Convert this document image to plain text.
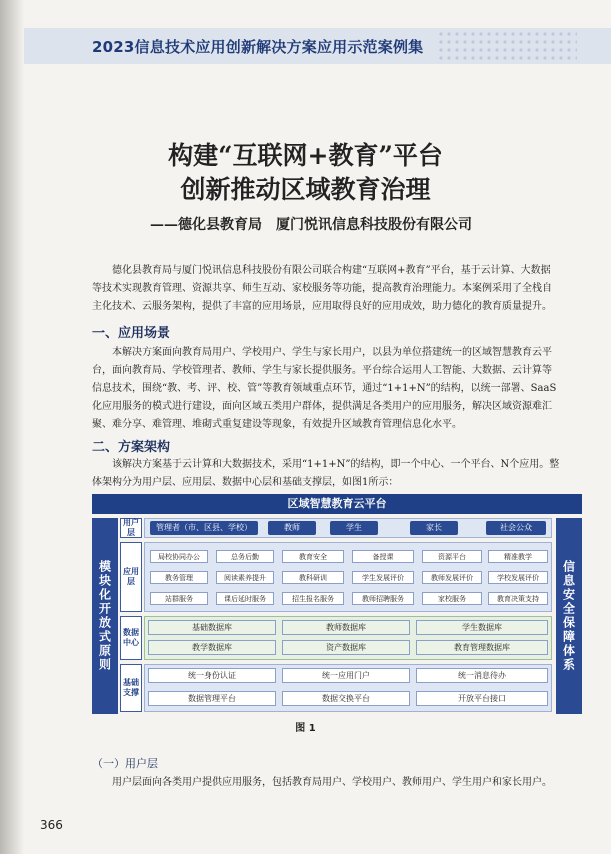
2023信息技术应用创新解决方案应用示范案例集
构建“互联网+教育”平台
创新推动区域教育治理
——德化县教育局　厦门悦讯信息科技股份有限公司
德化县教育局与厦门悦讯信息科技股份有限公司联合构建“互联网+教育”平台，基于云计算、大数据等技术实现教育管理、资源共享、师生互动、家校服务等功能，提高教育治理能力。本案例采用了全栈自主化技术、云服务架构，提供了丰富的应用场景，应用取得良好的应用成效，助力德化的教育质量提升。
一、应用场景
本解决方案面向教育局用户、学校用户、学生与家长用户，以县为单位搭建统一的区域智慧教育云平台，面向教育局、学校管理者、教师、学生与家长提供服务。平台综合运用人工智能、大数据、云计算等信息技术，围绕“教、考、评、校、管”等教育领域重点环节，通过“1+1+N”的结构，以统一部署、SaaS化应用服务的模式进行建设，面向区域五类用户群体，提供满足各类用户的应用服务，解决区域资源难汇聚、难分享、难管理、堆砌式重复建设等现象，有效提升区域教育管理信息化水平。
二、方案架构
该解决方案基于云计算和大数据技术，采用“1+1+N”的结构，即一个中心、一个平台、N个应用。整体架构分为用户层、应用层、数据中心层和基础支撑层，如图1所示：
区域智慧教育云平台
模块化开放式原则	信息安全保障体系
用户层
管理者（市、区县、学校）	教师	学生	家长	社会公众
应用层
局校协同办公	总务后勤	教育安全	备授课	资源平台	精准教学
教务管理	阅读素养提升	教科研训	学生发展评价	教师发展评价	学校发展评价
站群服务	课后延时服务	招生报名服务	教师招聘服务	家校服务	教育决策支持
数据中心
基础数据库	教师数据库	学生数据库
教学数据库	资产数据库	教育管理数据库
基础支撑
统一身份认证	统一应用门户	统一消息待办
数据管理平台	数据交换平台	开放平台接口
图 1
（一）用户层
用户层面向各类用户提供应用服务，包括教育局用户、学校用户、教师用户、学生用户和家长用户。
366
